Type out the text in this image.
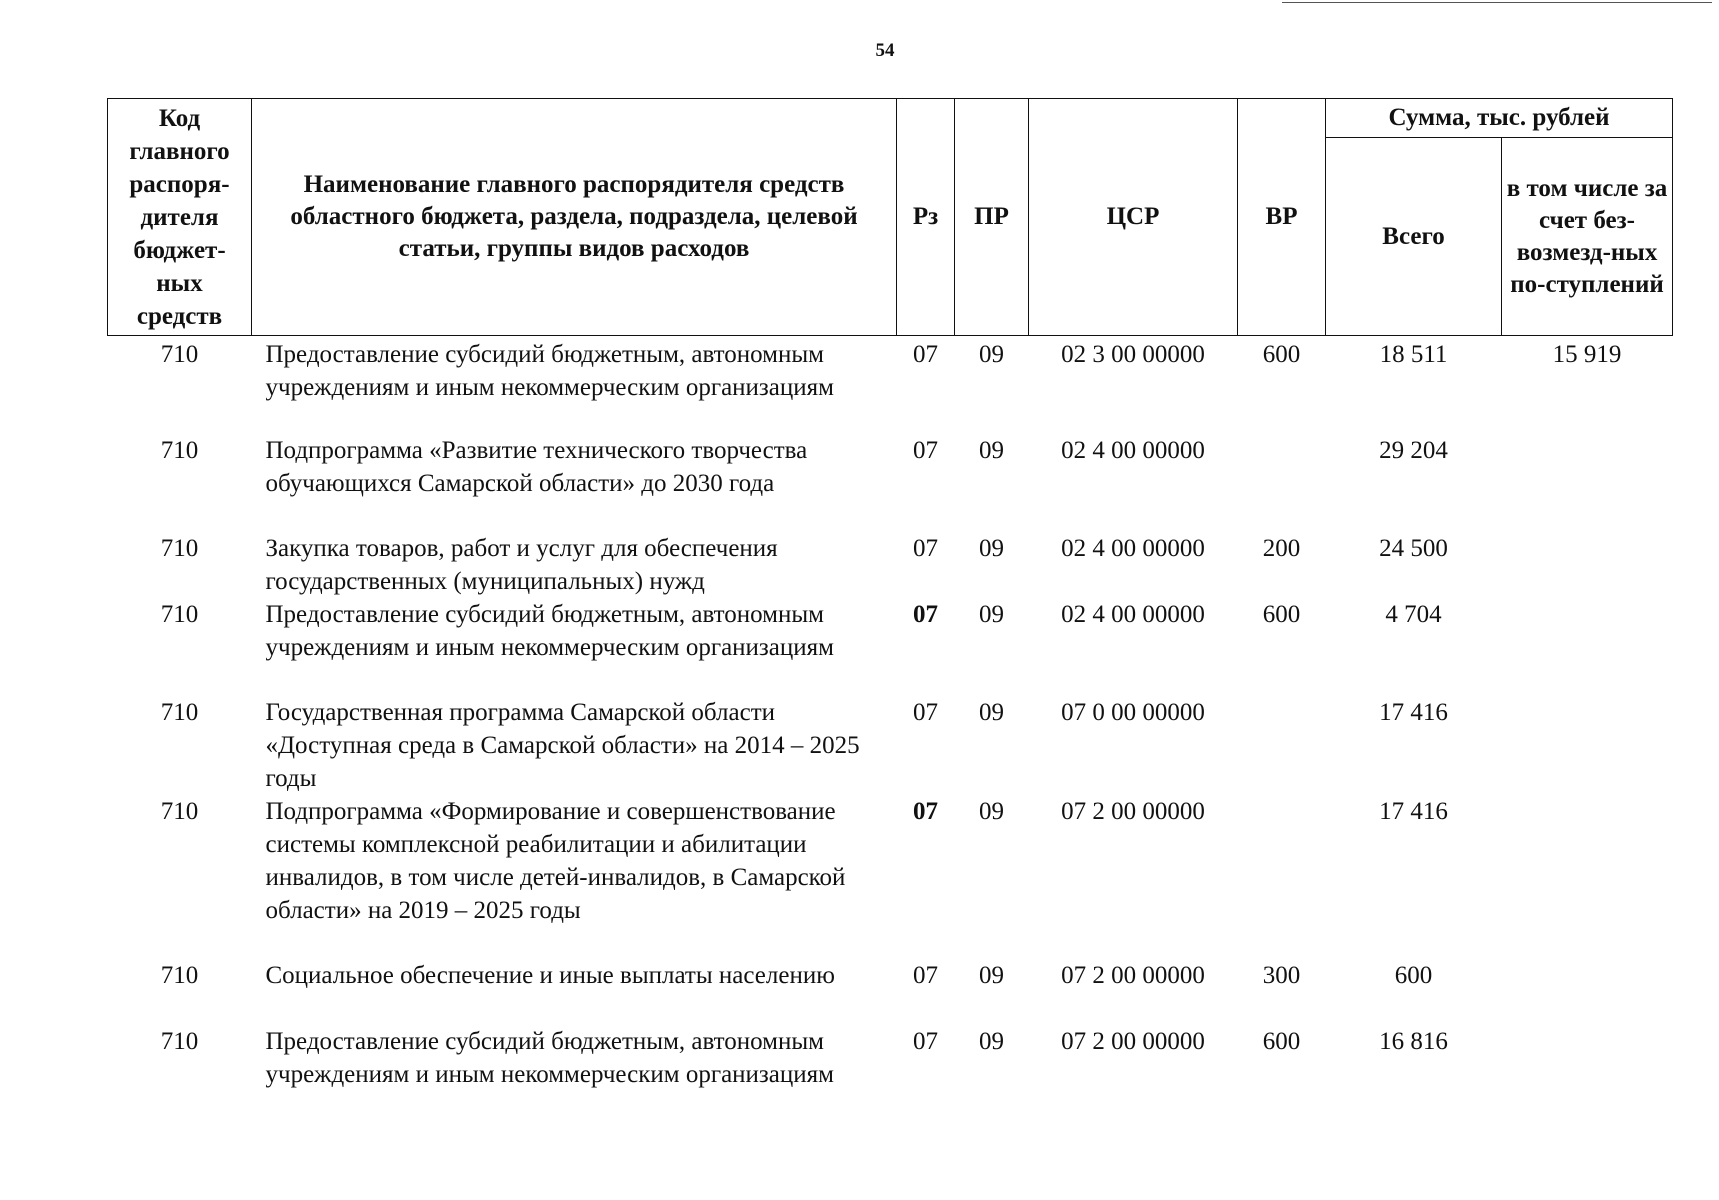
54
Код главного распоря-дителя бюджет-ных средств	Наименование главного распорядителя средств областного бюджета, раздела, подраздела, целевой статьи, группы видов расходов	Рз	ПР	ЦСР	ВР	Сумма, тыс. рублей	
						Всего	в том числе за счет без-возмезд-ных по-ступлений
710	Предоставление субсидий бюджетным, автономным учреждениям и иным некоммерческим организациям	07	09	02 3 00 00000	600	18 511	15 919
710	Подпрограмма «Развитие технического творчества обучающихся Самарской области» до 2030 года	07	09	02 4 00 00000		29 204	
710	Закупка товаров, работ и услуг для обеспечения государственных (муниципальных) нужд	07	09	02 4 00 00000	200	24 500	
710	Предоставление субсидий бюджетным, автономным учреждениям и иным некоммерческим организациям	07	09	02 4 00 00000	600	4 704	
710	Государственная программа Самарской области «Доступная среда в Самарской области» на 2014 – 2025 годы	07	09	07 0 00 00000		17 416	
710	Подпрограмма «Формирование и совершенствование системы комплексной реабилитации и абилитации инвалидов, в том числе детей-инвалидов, в Самарской области» на 2019 – 2025 годы	07	09	07 2 00 00000		17 416	
710	Социальное обеспечение и иные выплаты населению	07	09	07 2 00 00000	300	600	
710	Предоставление субсидий бюджетным, автономным учреждениям и иным некоммерческим организациям	07	09	07 2 00 00000	600	16 816	
